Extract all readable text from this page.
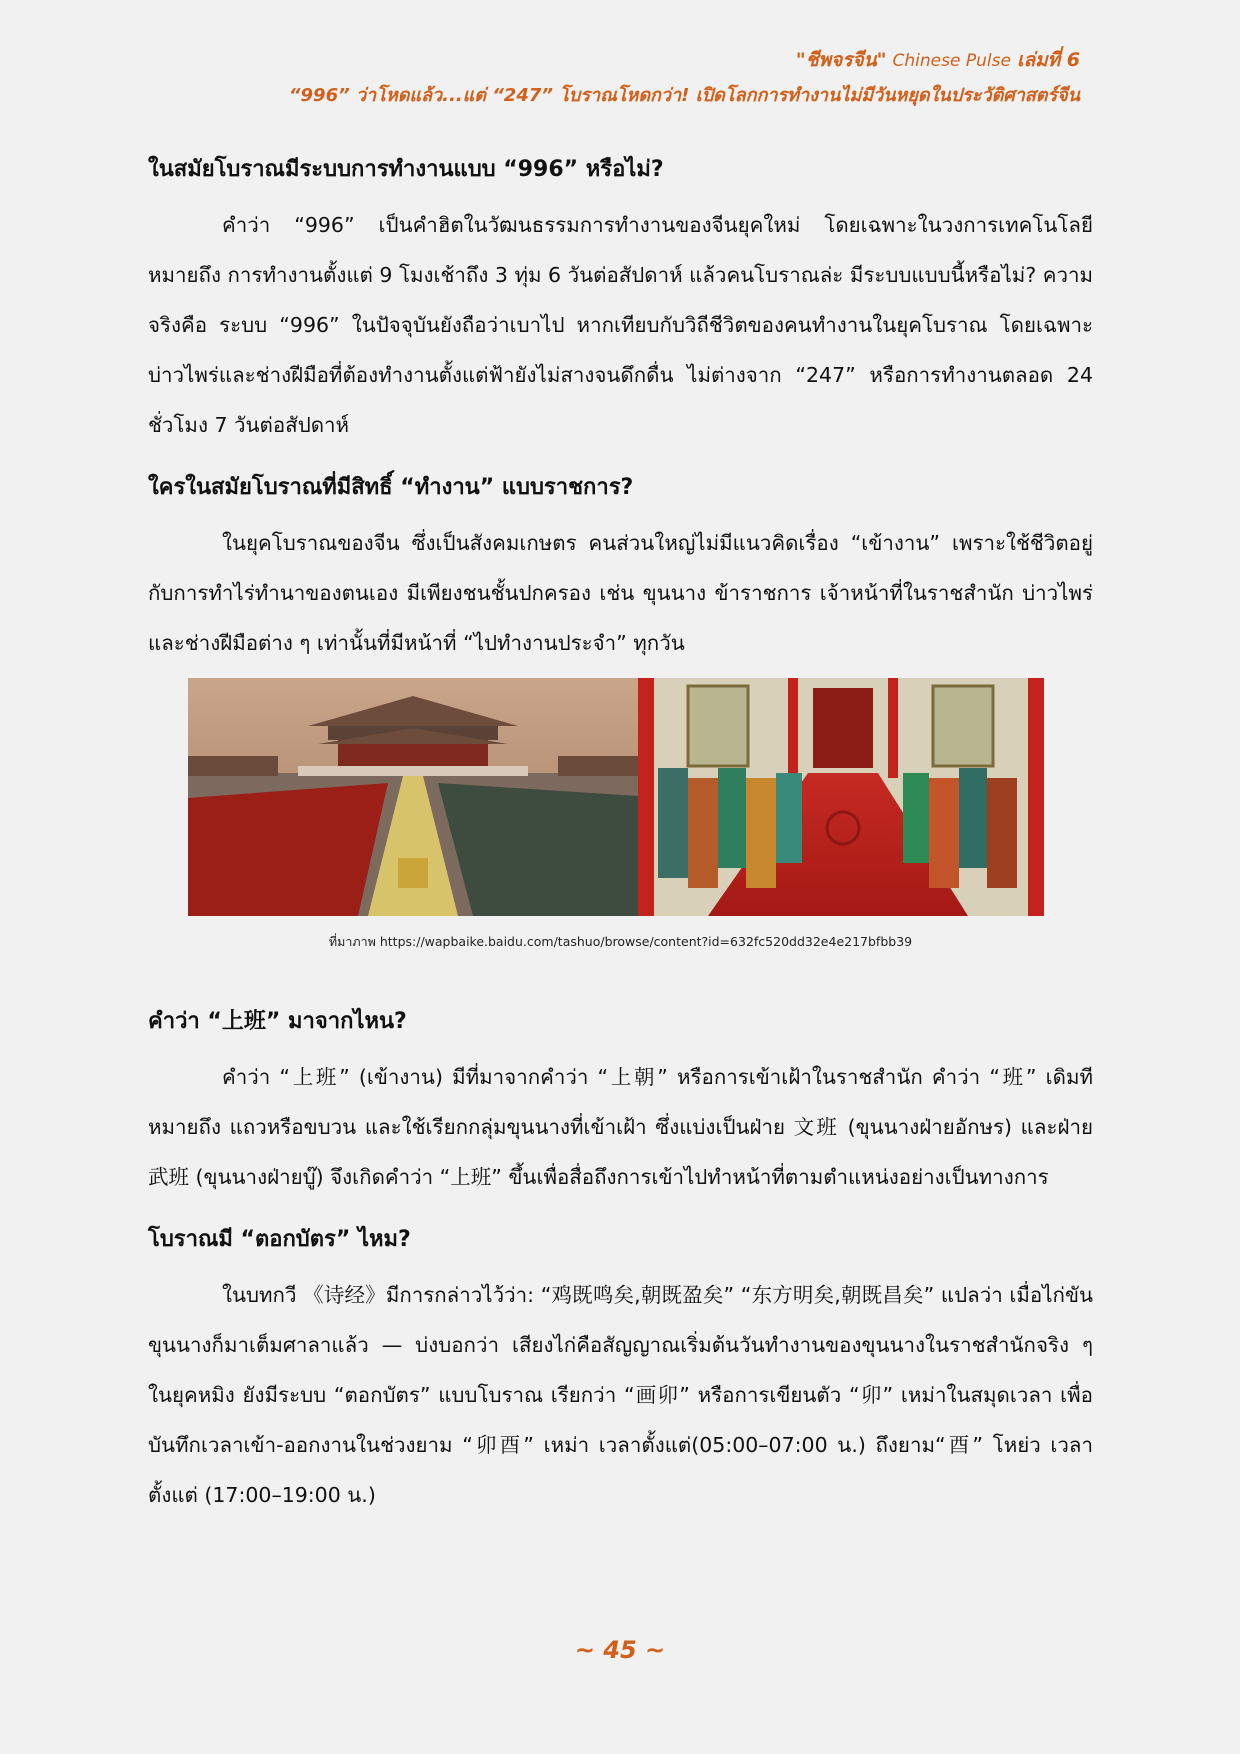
"ชีพจรจีน" Chinese Pulse เล่มที่ 6
“996” ว่าโหดแล้ว...แต่ “247” โบราณโหดกว่า! เปิดโลกการทำงานไม่มีวันหยุดในประวัติศาสตร์จีน
ในสมัยโบราณมีระบบการทำงานแบบ “996” หรือไม่?

คำว่า “996” เป็นคำฮิตในวัฒนธรรมการทำงานของจีนยุคใหม่ โดยเฉพาะในวงการเทคโนโลยี หมายถึง การทำงานตั้งแต่ 9 โมงเช้าถึง 3 ทุ่ม 6 วันต่อสัปดาห์ แล้วคนโบราณล่ะ มีระบบแบบนี้หรือไม่? ความจริงคือ ระบบ “996” ในปัจจุบันยังถือว่าเบาไป หากเทียบกับวิถีชีวิตของคนทำงานในยุคโบราณ โดยเฉพาะบ่าวไพร่และช่างฝีมือที่ต้องทำงานตั้งแต่ฟ้ายังไม่สางจนดึกดื่น ไม่ต่างจาก “247” หรือการทำงานตลอด 24 ชั่วโมง 7 วันต่อสัปดาห์

ใครในสมัยโบราณที่มีสิทธิ์ “ทำงาน” แบบราชการ?

ในยุคโบราณของจีน ซึ่งเป็นสังคมเกษตร คนส่วนใหญ่ไม่มีแนวคิดเรื่อง “เข้างาน” เพราะใช้ชีวิตอยู่กับการทำไร่ทำนาของตนเอง มีเพียงชนชั้นปกครอง เช่น ขุนนาง ข้าราชการ เจ้าหน้าที่ในราชสำนัก บ่าวไพร่ และช่างฝีมือต่าง ๆ เท่านั้นที่มีหน้าที่ “ไปทำงานประจำ” ทุกวัน

ที่มาภาพ https://wapbaike.baidu.com/tashuo/browse/content?id=632fc520dd32e4e217bfbb39
คำว่า “上班” มาจากไหน?

คำว่า “上班” (เข้างาน) มีที่มาจากคำว่า “上朝” หรือการเข้าเฝ้าในราชสำนัก คำว่า “班” เดิมทีหมายถึง แถวหรือขบวน และใช้เรียกกลุ่มขุนนางที่เข้าเฝ้า ซึ่งแบ่งเป็นฝ่าย 文班 (ขุนนางฝ่ายอักษร) และฝ่าย 武班 (ขุนนางฝ่ายบู๊) จึงเกิดคำว่า “上班” ขึ้นเพื่อสื่อถึงการเข้าไปทำหน้าที่ตามตำแหน่งอย่างเป็นทางการ

โบราณมี “ตอกบัตร” ไหม?

ในบทกวี 《诗经》มีการกล่าวไว้ว่า: “鸡既鸣矣,朝既盈矣” “东方明矣,朝既昌矣” แปลว่า เมื่อไก่ขัน ขุนนางก็มาเต็มศาลาแล้ว — บ่งบอกว่า เสียงไก่คือสัญญาณเริ่มต้นวันทำงานของขุนนางในราชสำนักจริง ๆ ในยุคหมิง ยังมีระบบ “ตอกบัตร” แบบโบราณ เรียกว่า “画卯” หรือการเขียนตัว “卯” เหม่าในสมุดเวลา เพื่อบันทึกเวลาเข้า-ออกงานในช่วงยาม “卯酉” เหม่า เวลาตั้งแต่(05:00–07:00 น.) ถึงยาม“酉” โหย่ว เวลาตั้งแต่ (17:00–19:00 น.)

~ 45 ~
